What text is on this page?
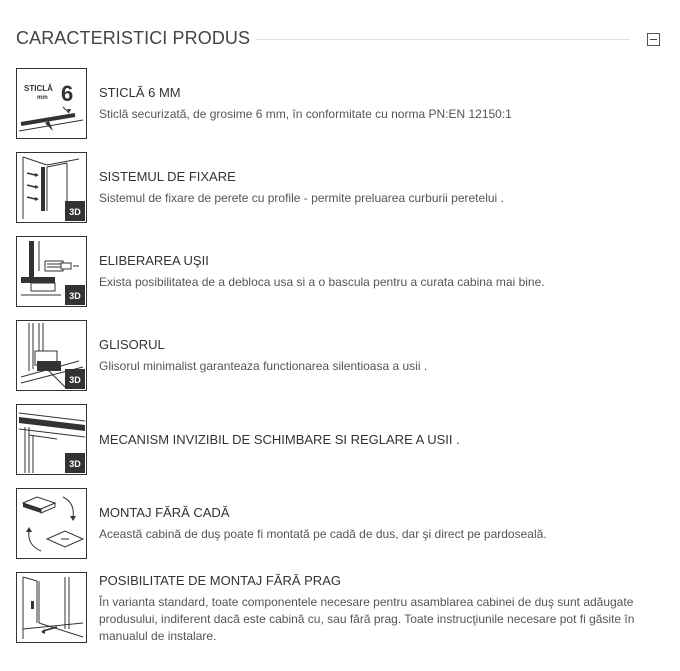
CARACTERISTICI PRODUS
STICLĂ
mm 6 STICLĂ 6 MM
Sticlă securizată, de grosime 6 mm, în conformitate cu norma PN:EN 12150:1
3D
SISTEMUL DE FIXARE
Sistemul de fixare de perete cu profile - permite preluarea curburii peretelui .
3D
ELIBERAREA UŞII
Exista posibilitatea de a debloca usa si a o bascula pentru a curata cabina mai bine.
3D
GLISORUL
Glisorul minimalist garanteaza functionarea silentioasa a usii .
3D
MECANISM INVIZIBIL DE SCHIMBARE SI REGLARE A USII .
MONTAJ FĂRĂ CADĂ
Această cabină de duş poate fi montată pe cadă de dus, dar şi direct pe pardoseală.
POSIBILITATE DE MONTAJ FĂRĂ PRAG
În varianta standard, toate componentele necesare pentru asamblarea cabinei de duş sunt adăugate produsului, indiferent dacă este cabină cu, sau fără prag. Toate instrucţiunile necesare pot fi găsite în manualul de instalare.
